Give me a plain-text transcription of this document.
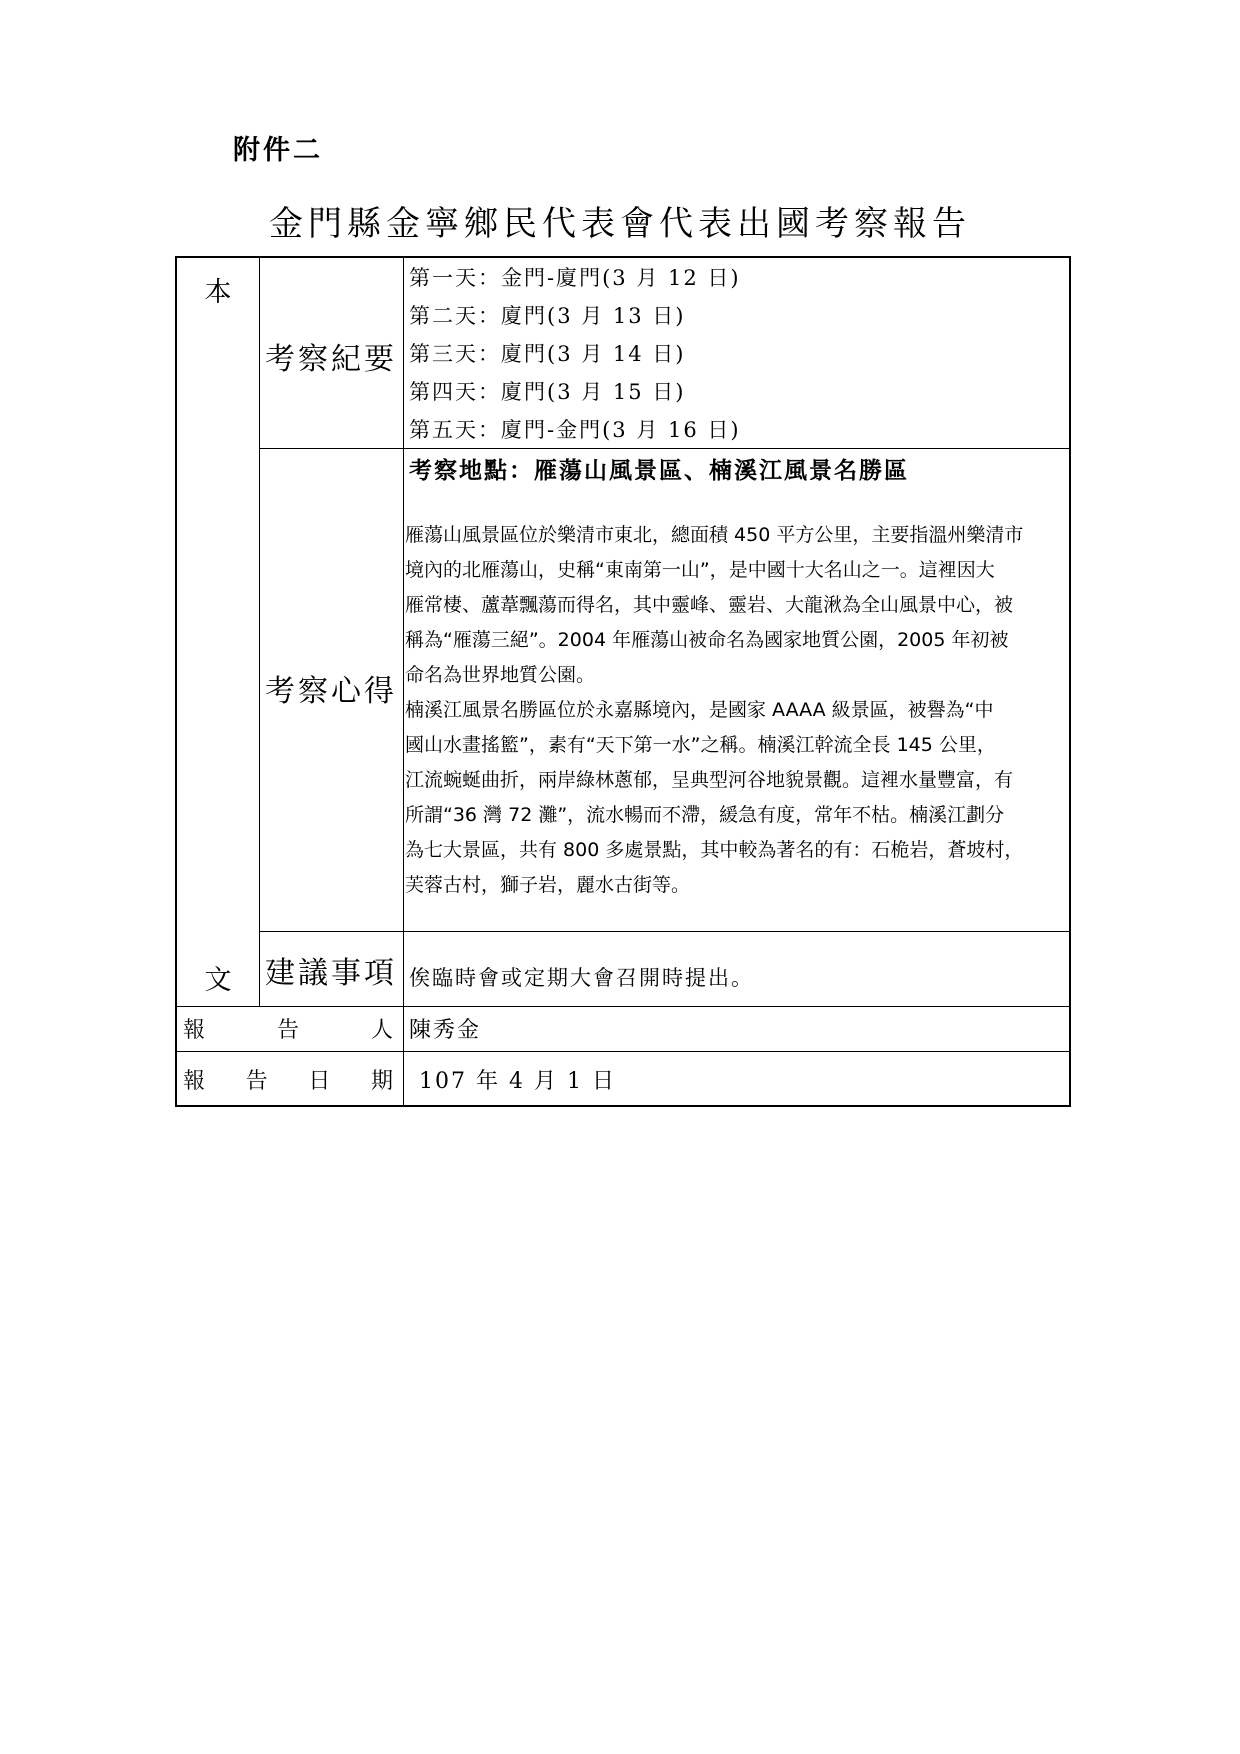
附件二
金門縣金寧鄉民代表會代表出國考察報告
本
文
考察紀要
第一天：金門-廈門(3 月 12 日)
第二天：廈門(3 月 13 日)
第三天：廈門(3 月 14 日)
第四天：廈門(3 月 15 日)
第五天：廈門-金門(3 月 16 日)
考察心得
考察地點：雁蕩山風景區、楠溪江風景名勝區
雁蕩山風景區位於樂清市東北，總面積 450 平方公里，主要指溫州樂清市
境內的北雁蕩山，史稱“東南第一山”，是中國十大名山之一。這裡因大
雁常棲、蘆葦飄蕩而得名，其中靈峰、靈岩、大龍湫為全山風景中心，被
稱為“雁蕩三絕”。2004 年雁蕩山被命名為國家地質公園，2005 年初被
命名為世界地質公園。
楠溪江風景名勝區位於永嘉縣境內，是國家 AAAA 級景區，被譽為“中
國山水畫搖籃”，素有“天下第一水”之稱。楠溪江幹流全長 145 公里，
江流蜿蜒曲折，兩岸綠林蔥郁，呈典型河谷地貌景觀。這裡水量豐富，有
所謂“36 灣 72 灘”，流水暢而不滯，緩急有度，常年不枯。楠溪江劃分
為七大景區，共有 800 多處景點，其中較為著名的有：石桅岩，蒼坡村，
芙蓉古村，獅子岩，麗水古街等。
建議事項 俟臨時會或定期大會召開時提出。
報	告	人 陳秀金
報 告 日 期 107 年 4 月 1 日
